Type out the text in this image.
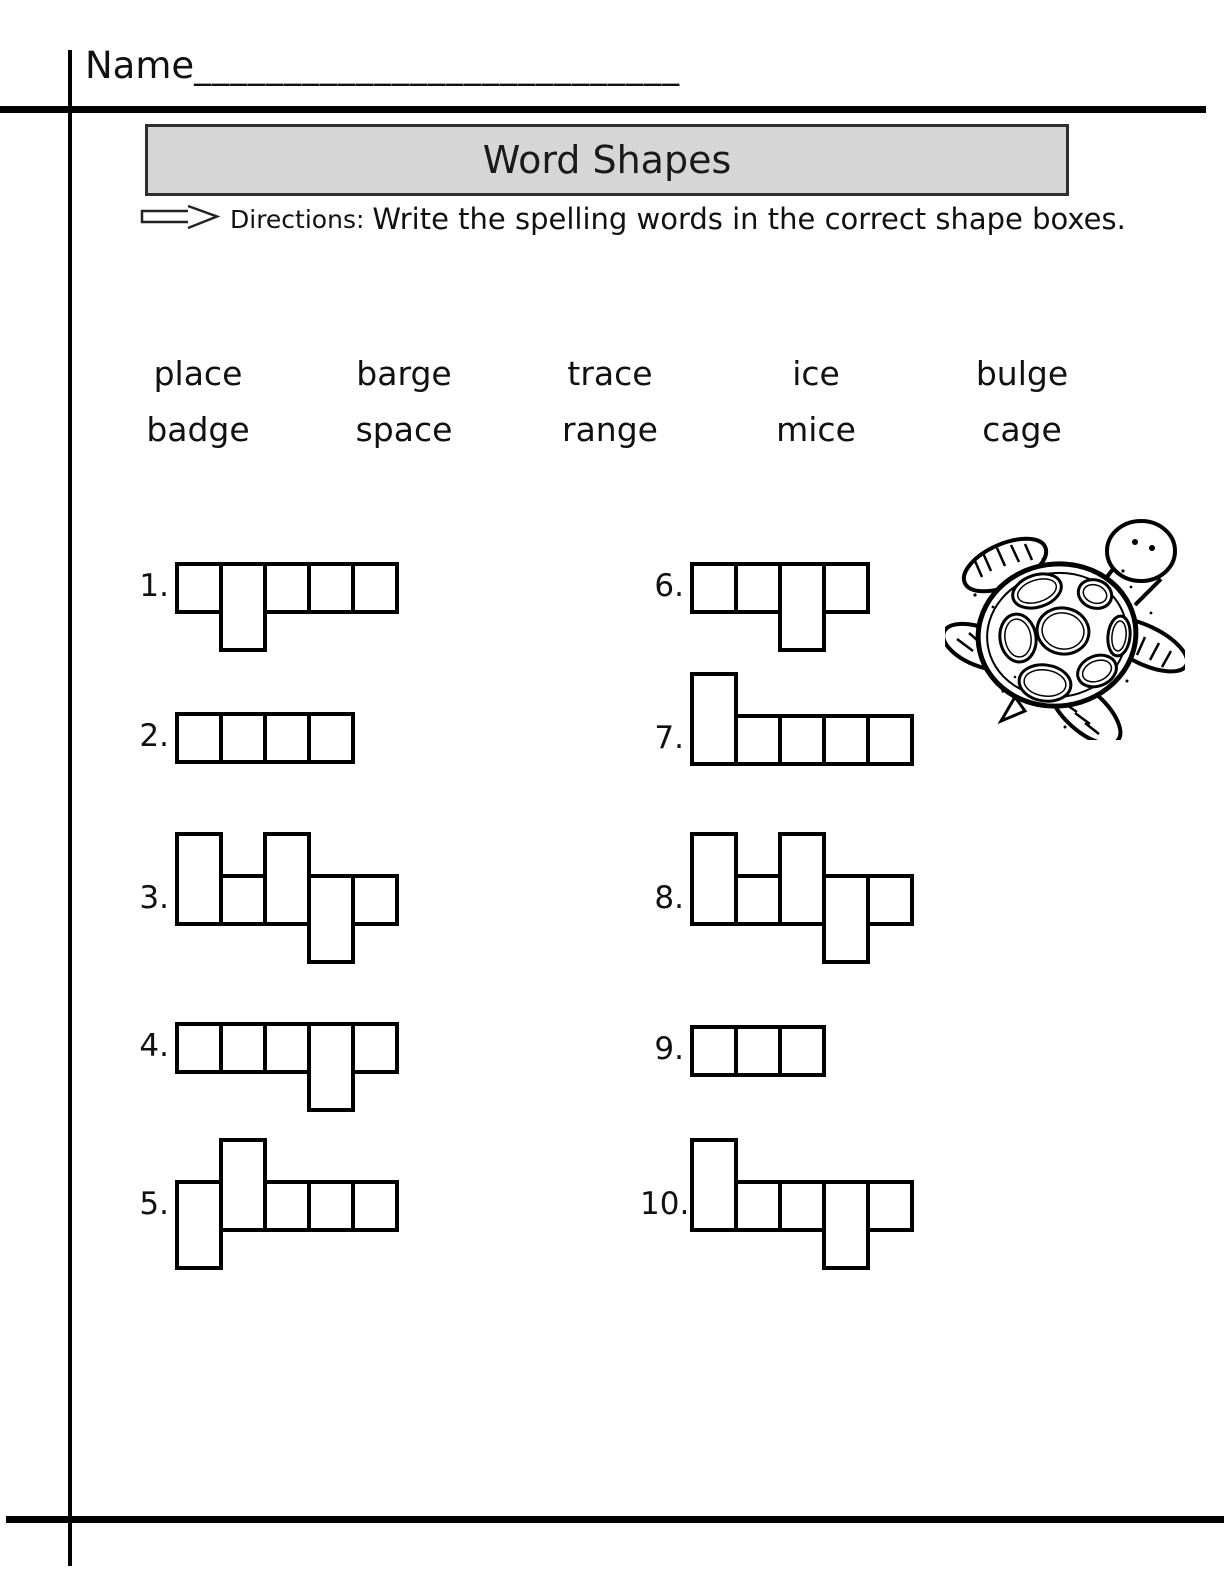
Name___________________________
Word Shapes
Directions: Write the spelling words in the correct shape boxes.
place	barge	trace	ice	bulge
badge	space	range	mice	cage
1.
2.
3.
4.
5.
6.
7.
8.
9.
10.
